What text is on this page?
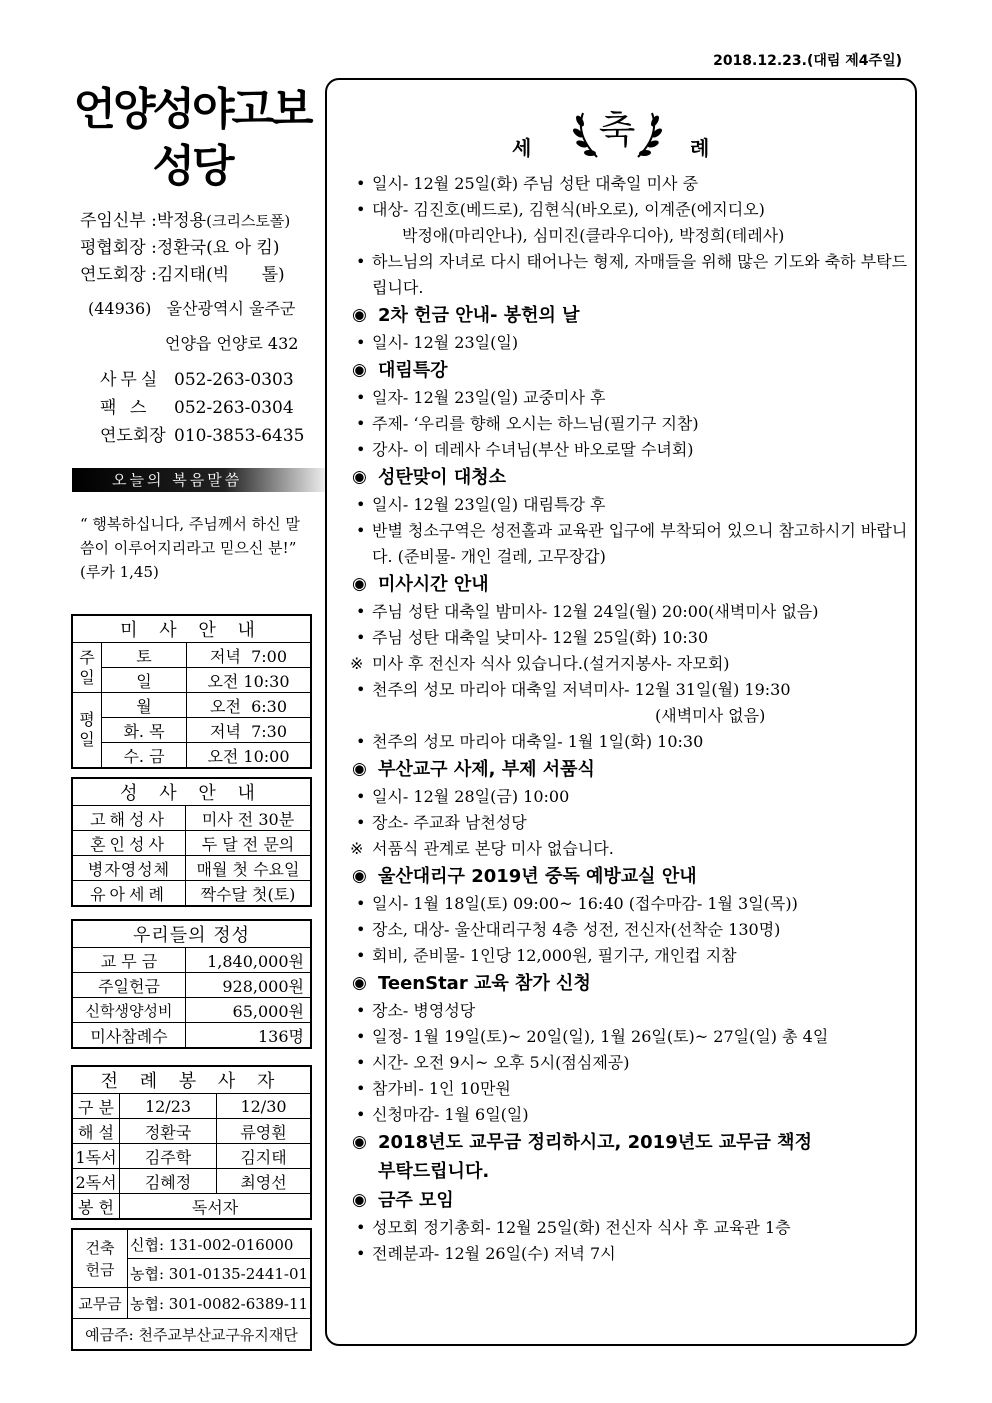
2018.12.23.(대림 제4주일)
언양성야고보
성당
주임신부 :박정용(크리스토폴)
평협회장 :정환국(요 아 킴)
연도회장 :김지태(빅      톨)
(44936)   울산광역시 울주군
언양읍 언양로 432
사무실 052-263-0303
팩 스 052-263-0304
연도회장 010-3853-6435
오늘의 복음말씀
“ 행복하십니다, 주님께서 하신 말씀이 이루어지리라고 믿으신 분!” (루카 1,45)
미 사 안 내		
주일	토	저녁  7:00
	일	오전 10:30
평일	월	오전  6:30
	화. 목	저녁  7:30
	수. 금	오전 10:00
성 사 안 내	
고해성사	미사 전 30분
혼인성사	두 달 전 문의
병자영성체	매월 첫 수요일
유아세례	짝수달 첫(토)
우리들의 정성	
교 무 금	1,840,000원
주일헌금	928,000원
신학생양성비	65,000원
미사참례수	136명
전 례 봉 사 자		
구 분	12/23	12/30
해 설	정환국	류영훤
1독서	김주학	김지태
2독서	김혜정	최영선
봉 헌	독서자	
건축 헌금	신협: 131-002-016000
	농협: 301-0135-2441-01
교무금	농협: 301-0082-6389-11
예금주: 천주교부산교구유지재단	
축
세	례
• 일시- 12월 25일(화) 주님 성탄 대축일 미사 중
• 대상- 김진호(베드로), 김현식(바오로), 이계준(에지디오)
박정애(마리안나), 심미진(클라우디아), 박정희(테레사)
• 하느님의 자녀로 다시 태어나는 형제, 자매들을 위해 많은 기도와 축하 부탁드립니다.
◉ 2차 헌금 안내- 봉헌의 날
• 일시- 12월 23일(일)
◉ 대림특강
• 일자- 12월 23일(일) 교중미사 후
• 주제- ‘우리를 향해 오시는 하느님(필기구 지참)
• 강사- 이 데레사 수녀님(부산 바오로딸 수녀회)
◉ 성탄맞이 대청소
• 일시- 12월 23일(일) 대림특강 후
• 반별 청소구역은 성전홀과 교육관 입구에 부착되어 있으니 참고하시기 바랍니다. (준비물- 개인 걸레, 고무장갑)
◉ 미사시간 안내
• 주님 성탄 대축일 밤미사- 12월 24일(월) 20:00(새벽미사 없음)
• 주님 성탄 대축일 낮미사- 12월 25일(화) 10:30
※ 미사 후 전신자 식사 있습니다.(설거지봉사- 자모회)
• 천주의 성모 마리아 대축일 저녁미사- 12월 31일(월) 19:30
(새벽미사 없음)
• 천주의 성모 마리아 대축일- 1월 1일(화) 10:30
◉ 부산교구 사제, 부제 서품식
• 일시- 12월 28일(금) 10:00
• 장소- 주교좌 남천성당
※ 서품식 관계로 본당 미사 없습니다.
◉ 울산대리구 2019년 중독 예방교실 안내
• 일시- 1월 18일(토) 09:00~ 16:40 (접수마감- 1월 3일(목))
• 장소, 대상- 울산대리구청 4층 성전, 전신자(선착순 130명)
• 회비, 준비물- 1인당 12,000원, 필기구, 개인컵 지참
◉ TeenStar 교육 참가 신청
• 장소- 병영성당
• 일정- 1월 19일(토)~ 20일(일), 1월 26일(토)~ 27일(일) 총 4일
• 시간- 오전 9시~ 오후 5시(점심제공)
• 참가비- 1인 10만원
• 신청마감- 1월 6일(일)
◉ 2018년도 교무금 정리하시고, 2019년도 교무금 책정
부탁드립니다.
◉ 금주 모임
• 성모회 정기총회- 12월 25일(화) 전신자 식사 후 교육관 1층
• 전례분과- 12월 26일(수) 저녁 7시
